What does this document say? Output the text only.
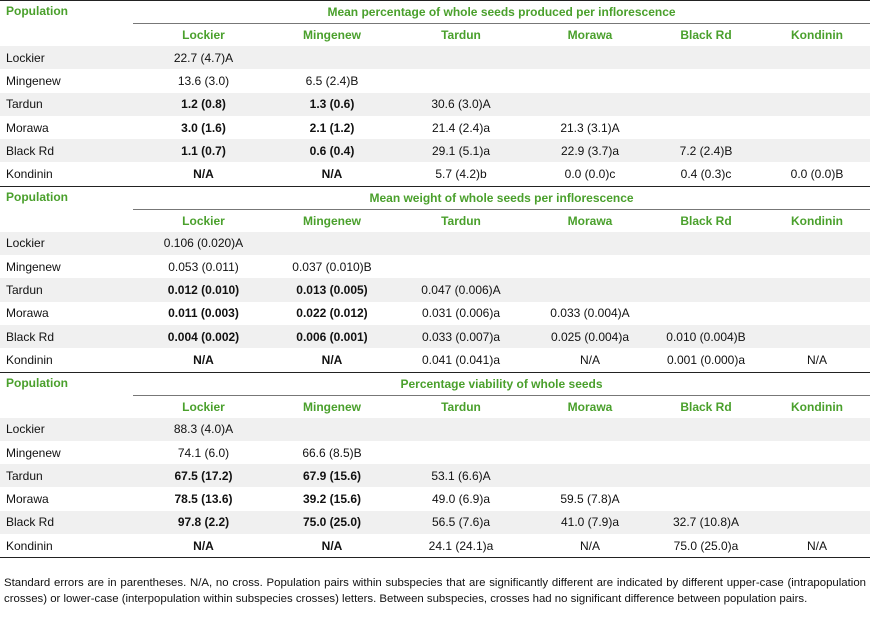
Population	Mean percentage of whole seeds produced per inflorescence					
	Lockier	Mingenew	Tardun	Morawa	Black Rd	Kondinin
Lockier	22.7 (4.7)A					
Mingenew	13.6 (3.0)	6.5 (2.4)B				
Tardun	1.2 (0.8)	1.3 (0.6)	30.6 (3.0)A			
Morawa	3.0 (1.6)	2.1 (1.2)	21.4 (2.4)a	21.3 (3.1)A		
Black Rd	1.1 (0.7)	0.6 (0.4)	29.1 (5.1)a	22.9 (3.7)a	7.2 (2.4)B	
Kondinin	N/A	N/A	5.7 (4.2)b	0.0 (0.0)c	0.4 (0.3)c	0.0 (0.0)B
Population	Mean weight of whole seeds per inflorescence					
	Lockier	Mingenew	Tardun	Morawa	Black Rd	Kondinin
Lockier	0.106 (0.020)A					
Mingenew	0.053 (0.011)	0.037 (0.010)B				
Tardun	0.012 (0.010)	0.013 (0.005)	0.047 (0.006)A			
Morawa	0.011 (0.003)	0.022 (0.012)	0.031 (0.006)a	0.033 (0.004)A		
Black Rd	0.004 (0.002)	0.006 (0.001)	0.033 (0.007)a	0.025 (0.004)a	0.010 (0.004)B	
Kondinin	N/A	N/A	0.041 (0.041)a	N/A	0.001 (0.000)a	N/A
Population	Percentage viability of whole seeds					
	Lockier	Mingenew	Tardun	Morawa	Black Rd	Kondinin
Lockier	88.3 (4.0)A					
Mingenew	74.1 (6.0)	66.6 (8.5)B				
Tardun	67.5 (17.2)	67.9 (15.6)	53.1 (6.6)A			
Morawa	78.5 (13.6)	39.2 (15.6)	49.0 (6.9)a	59.5 (7.8)A		
Black Rd	97.8 (2.2)	75.0 (25.0)	56.5 (7.6)a	41.0 (7.9)a	32.7 (10.8)A	
Kondinin	N/A	N/A	24.1 (24.1)a	N/A	75.0 (25.0)a	N/A
Standard errors are in parentheses. N/A, no cross. Population pairs within subspecies that are significantly different are indicated by different upper-case (intrapopulation crosses) or lower-case (interpopulation within subspecies crosses) letters. Between subspecies, crosses had no significant difference between population pairs.
